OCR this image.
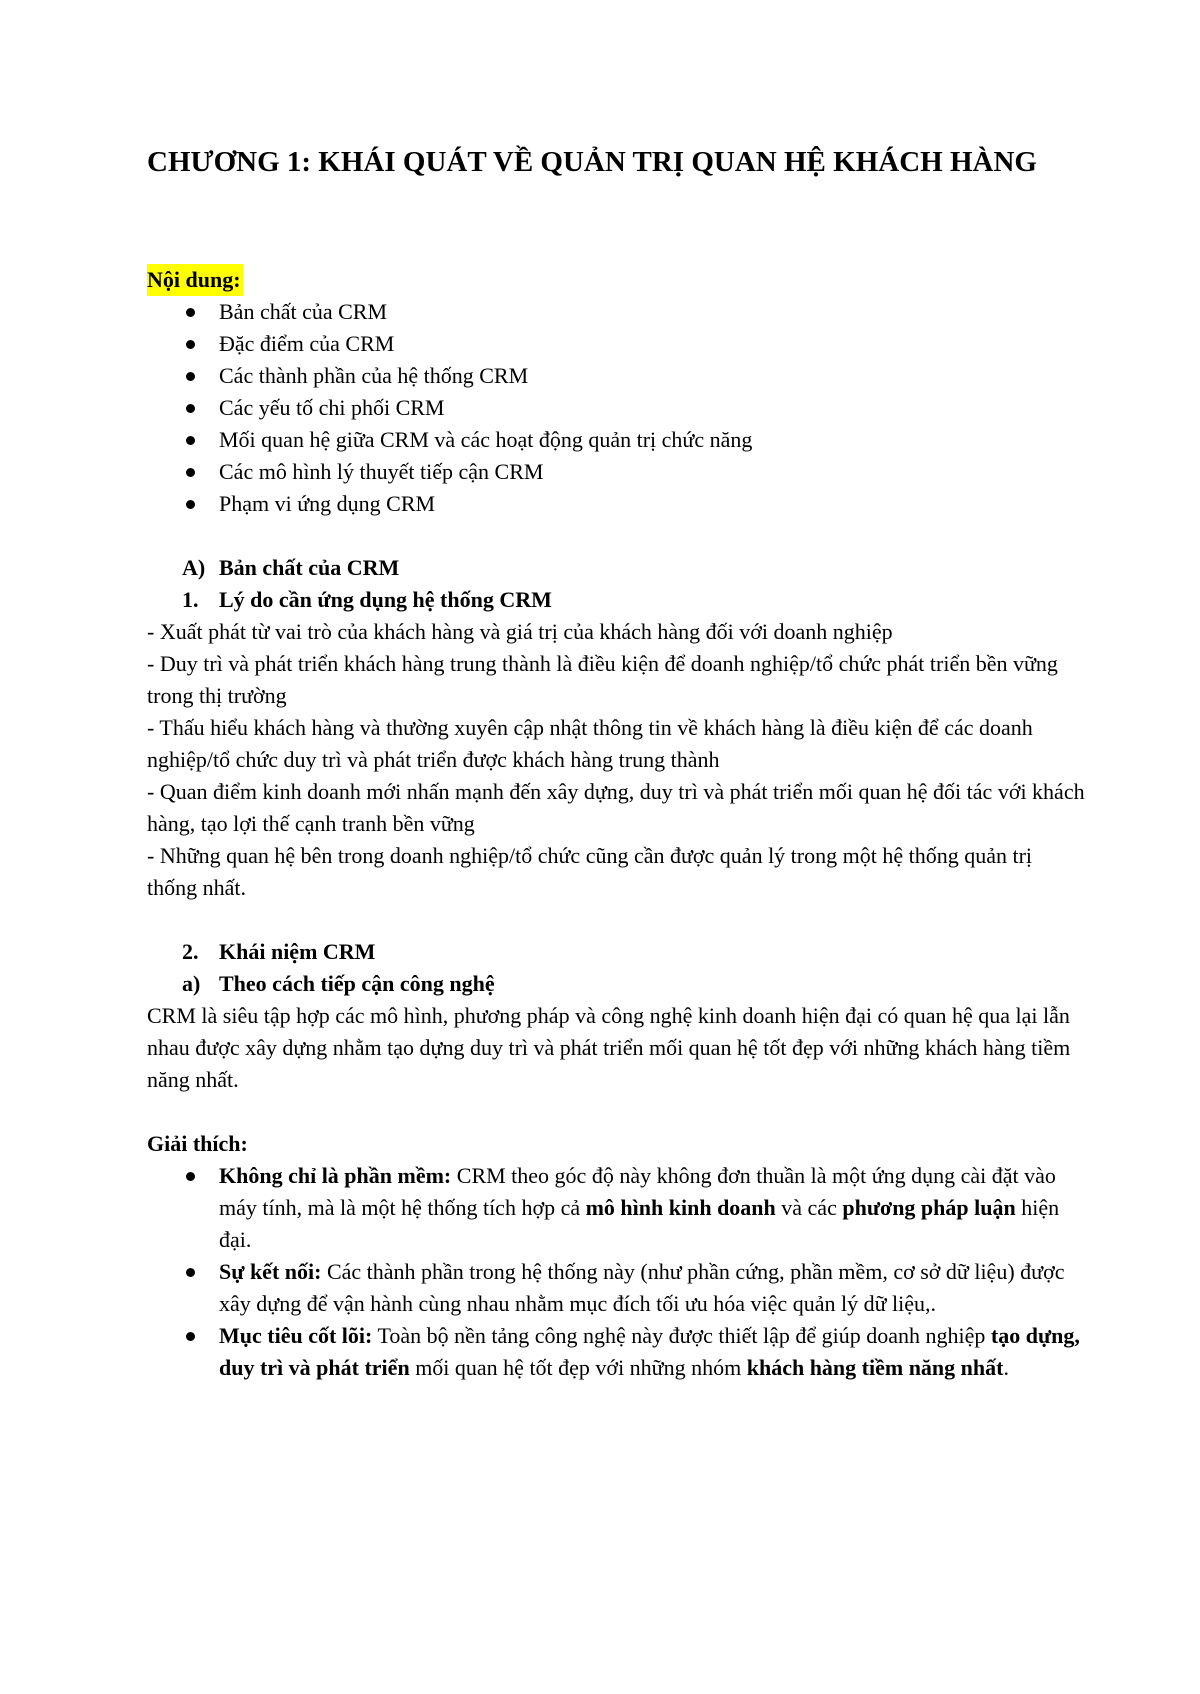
CHƯƠNG 1: KHÁI QUÁT VỀ QUẢN TRỊ QUAN HỆ KHÁCH HÀNG
Nội dung:
Bản chất của CRM
Đặc điểm của CRM
Các thành phần của hệ thống CRM
Các yếu tố chi phối CRM
Mối quan hệ giữa CRM và các hoạt động quản trị chức năng
Các mô hình lý thuyết tiếp cận CRM
Phạm vi ứng dụng CRM
A) Bản chất của CRM
1. Lý do cần ứng dụng hệ thống CRM

- Xuất phát từ vai trò của khách hàng và giá trị của khách hàng đối với doanh nghiệp

- Duy trì và phát triển khách hàng trung thành là điều kiện để doanh nghiệp/tổ chức phát triển bền vững trong thị trường

- Thấu hiểu khách hàng và thường xuyên cập nhật thông tin về khách hàng là điều kiện để các doanh nghiệp/tổ chức duy trì và phát triển được khách hàng trung thành

- Quan điểm kinh doanh mới nhấn mạnh đến xây dựng, duy trì và phát triển mối quan hệ đối tác với khách hàng, tạo lợi thế cạnh tranh bền vững

- Những quan hệ bên trong doanh nghiệp/tổ chức cũng cần được quản lý trong một hệ thống quản trị thống nhất.

2. Khái niệm CRM
a) Theo cách tiếp cận công nghệ

CRM là siêu tập hợp các mô hình, phương pháp và công nghệ kinh doanh hiện đại có quan hệ qua lại lẫn nhau được xây dựng nhằm tạo dựng duy trì và phát triển mối quan hệ tốt đẹp với những khách hàng tiềm năng nhất.

Giải thích:
Không chỉ là phần mềm: CRM theo góc độ này không đơn thuần là một ứng dụng cài đặt vào máy tính, mà là một hệ thống tích hợp cả mô hình kinh doanh và các phương pháp luận hiện đại.
Sự kết nối: Các thành phần trong hệ thống này (như phần cứng, phần mềm, cơ sở dữ liệu) được xây dựng để vận hành cùng nhau nhằm mục đích tối ưu hóa việc quản lý dữ liệu,.
Mục tiêu cốt lõi: Toàn bộ nền tảng công nghệ này được thiết lập để giúp doanh nghiệp tạo dựng, duy trì và phát triển mối quan hệ tốt đẹp với những nhóm khách hàng tiềm năng nhất.
